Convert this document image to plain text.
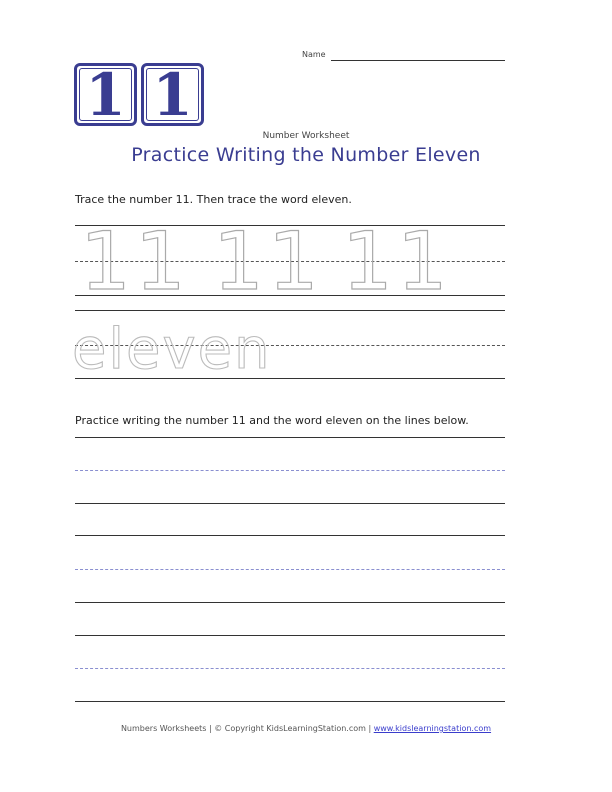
Name
1 1
Number Worksheet
Practice Writing the Number Eleven
Trace the number 11. Then trace the word eleven.
11 11 11
eleven
Practice writing the number 11 and the word eleven on the lines below.
Numbers Worksheets | © Copyright KidsLearningStation.com | www.kidslearningstation.com
